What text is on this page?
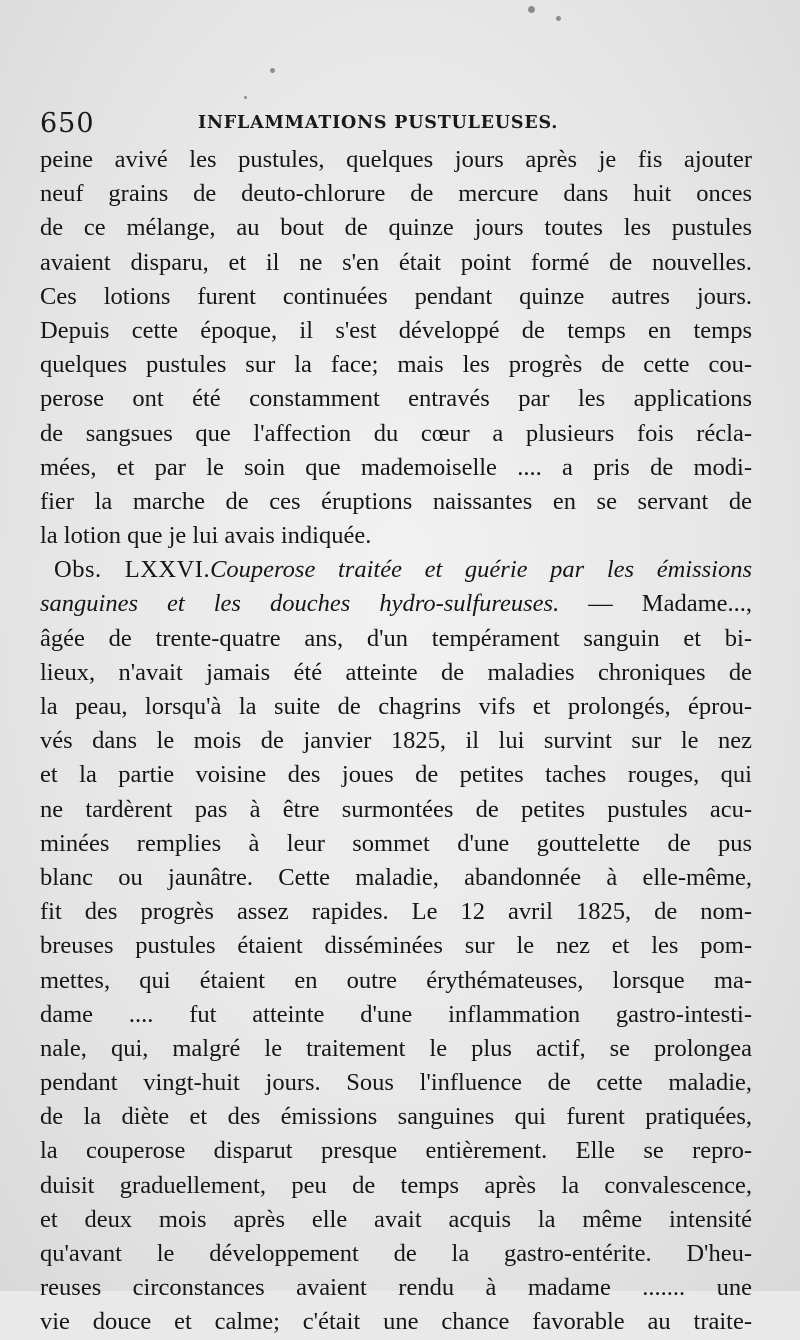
650	INFLAMMATIONS PUSTULEUSES.
peine avivé les pustules, quelques jours après je fis ajouter
neuf grains de deuto-chlorure de mercure dans huit onces
de ce mélange, au bout de quinze jours toutes les pustules
avaient disparu, et il ne s'en était point formé de nouvelles.
Ces lotions furent continuées pendant quinze autres jours.
Depuis cette époque, il s'est développé de temps en temps
quelques pustules sur la face; mais les progrès de cette cou-
perose ont été constamment entravés par les applications
de sangsues que l'affection du cœur a plusieurs fois récla-
mées, et par le soin que mademoiselle .... a pris de modi-
fier la marche de ces éruptions naissantes en se servant de
la lotion que je lui avais indiquée.
Obs. LXXVI.Couperose traitée et guérie par les émissions
sanguines et les douches hydro-sulfureuses. — Madame...,
âgée de trente-quatre ans, d'un tempérament sanguin et bi-
lieux, n'avait jamais été atteinte de maladies chroniques de
la peau, lorsqu'à la suite de chagrins vifs et prolongés, éprou-
vés dans le mois de janvier 1825, il lui survint sur le nez
et la partie voisine des joues de petites taches rouges, qui
ne tardèrent pas à être surmontées de petites pustules acu-
minées remplies à leur sommet d'une gouttelette de pus
blanc ou jaunâtre. Cette maladie, abandonnée à elle-même,
fit des progrès assez rapides. Le 12 avril 1825, de nom-
breuses pustules étaient disséminées sur le nez et les pom-
mettes, qui étaient en outre érythémateuses, lorsque ma-
dame .... fut atteinte d'une inflammation gastro-intesti-
nale, qui, malgré le traitement le plus actif, se prolongea
pendant vingt-huit jours. Sous l'influence de cette maladie,
de la diète et des émissions sanguines qui furent pratiquées,
la couperose disparut presque entièrement. Elle se repro-
duisit graduellement, peu de temps après la convalescence,
et deux mois après elle avait acquis la même intensité
qu'avant le développement de la gastro-entérite. D'heu-
reuses circonstances avaient rendu à madame ....... une
vie douce et calme; c'était une chance favorable au traite-
